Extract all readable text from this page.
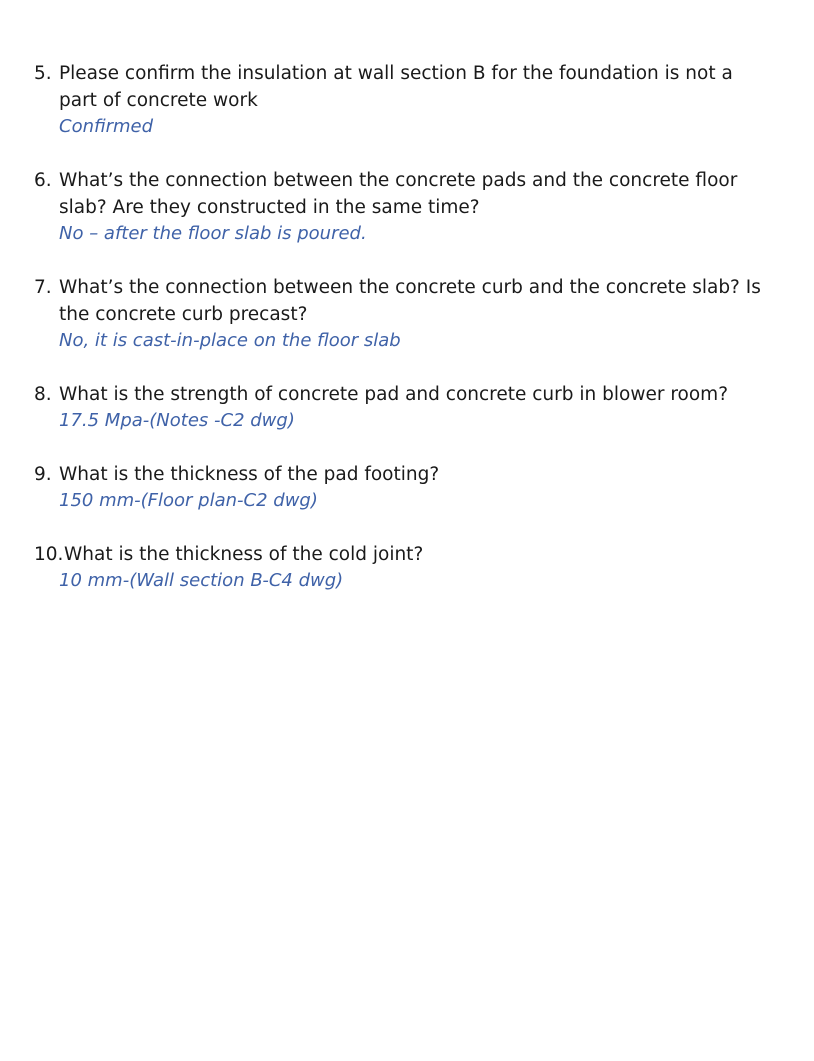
5. Please confirm the insulation at wall section B for the foundation is not a part of concrete work
Confirmed
6. What’s the connection between the concrete pads and the concrete floor slab? Are they constructed in the same time?
No – after the floor slab is poured.
7. What’s the connection between the concrete curb and the concrete slab? Is the concrete curb precast?
No, it is cast-in-place on the floor slab
8. What is the strength of concrete pad and concrete curb in blower room?
17.5 Mpa-(Notes -C2 dwg)
9. What is the thickness of the pad footing?
150 mm-(Floor plan-C2 dwg)
10. What is the thickness of the cold joint?
10 mm-(Wall section B-C4 dwg)
